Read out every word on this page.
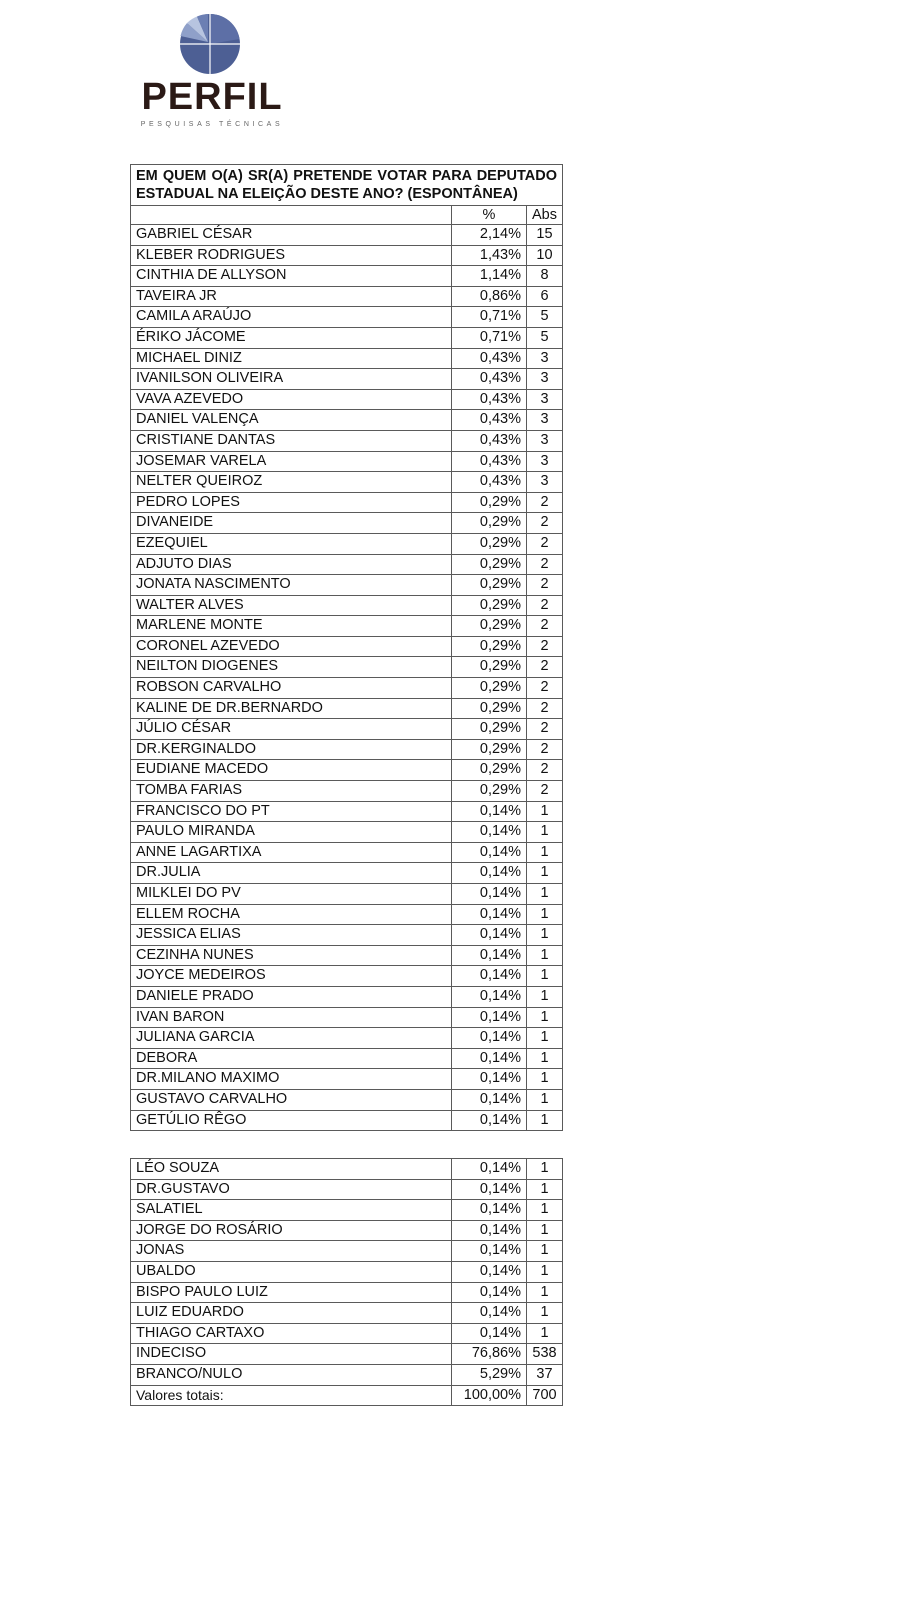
PERFIL
PESQUISAS TÉCNICAS
EM QUEM O(A) SR(A) PRETENDE VOTAR PARA DEPUTADO ESTADUAL NA ELEIÇÃO DESTE ANO? (ESPONTÂNEA)		
	%	Abs
GABRIEL CÉSAR	2,14%	15
KLEBER RODRIGUES	1,43%	10
CINTHIA DE ALLYSON	1,14%	8
TAVEIRA JR	0,86%	6
CAMILA ARAÚJO	0,71%	5
ÉRIKO JÁCOME	0,71%	5
MICHAEL DINIZ	0,43%	3
IVANILSON OLIVEIRA	0,43%	3
VAVA AZEVEDO	0,43%	3
DANIEL VALENÇA	0,43%	3
CRISTIANE DANTAS	0,43%	3
JOSEMAR VARELA	0,43%	3
NELTER QUEIROZ	0,43%	3
PEDRO LOPES	0,29%	2
DIVANEIDE	0,29%	2
EZEQUIEL	0,29%	2
ADJUTO DIAS	0,29%	2
JONATA NASCIMENTO	0,29%	2
WALTER ALVES	0,29%	2
MARLENE MONTE	0,29%	2
CORONEL AZEVEDO	0,29%	2
NEILTON DIOGENES	0,29%	2
ROBSON CARVALHO	0,29%	2
KALINE DE DR.BERNARDO	0,29%	2
JÚLIO CÉSAR	0,29%	2
DR.KERGINALDO	0,29%	2
EUDIANE MACEDO	0,29%	2
TOMBA FARIAS	0,29%	2
FRANCISCO DO PT	0,14%	1
PAULO MIRANDA	0,14%	1
ANNE LAGARTIXA	0,14%	1
DR.JULIA	0,14%	1
MILKLEI DO PV	0,14%	1
ELLEM ROCHA	0,14%	1
JESSICA ELIAS	0,14%	1
CEZINHA NUNES	0,14%	1
JOYCE MEDEIROS	0,14%	1
DANIELE PRADO	0,14%	1
IVAN BARON	0,14%	1
JULIANA GARCIA	0,14%	1
DEBORA	0,14%	1
DR.MILANO MAXIMO	0,14%	1
GUSTAVO CARVALHO	0,14%	1
GETÚLIO RÊGO	0,14%	1
LÉO SOUZA	0,14%	1
DR.GUSTAVO	0,14%	1
SALATIEL	0,14%	1
JORGE DO ROSÁRIO	0,14%	1
JONAS	0,14%	1
UBALDO	0,14%	1
BISPO PAULO LUIZ	0,14%	1
LUIZ EDUARDO	0,14%	1
THIAGO CARTAXO	0,14%	1
INDECISO	76,86%	538
BRANCO/NULO	5,29%	37
Valores totais:	100,00%	700
